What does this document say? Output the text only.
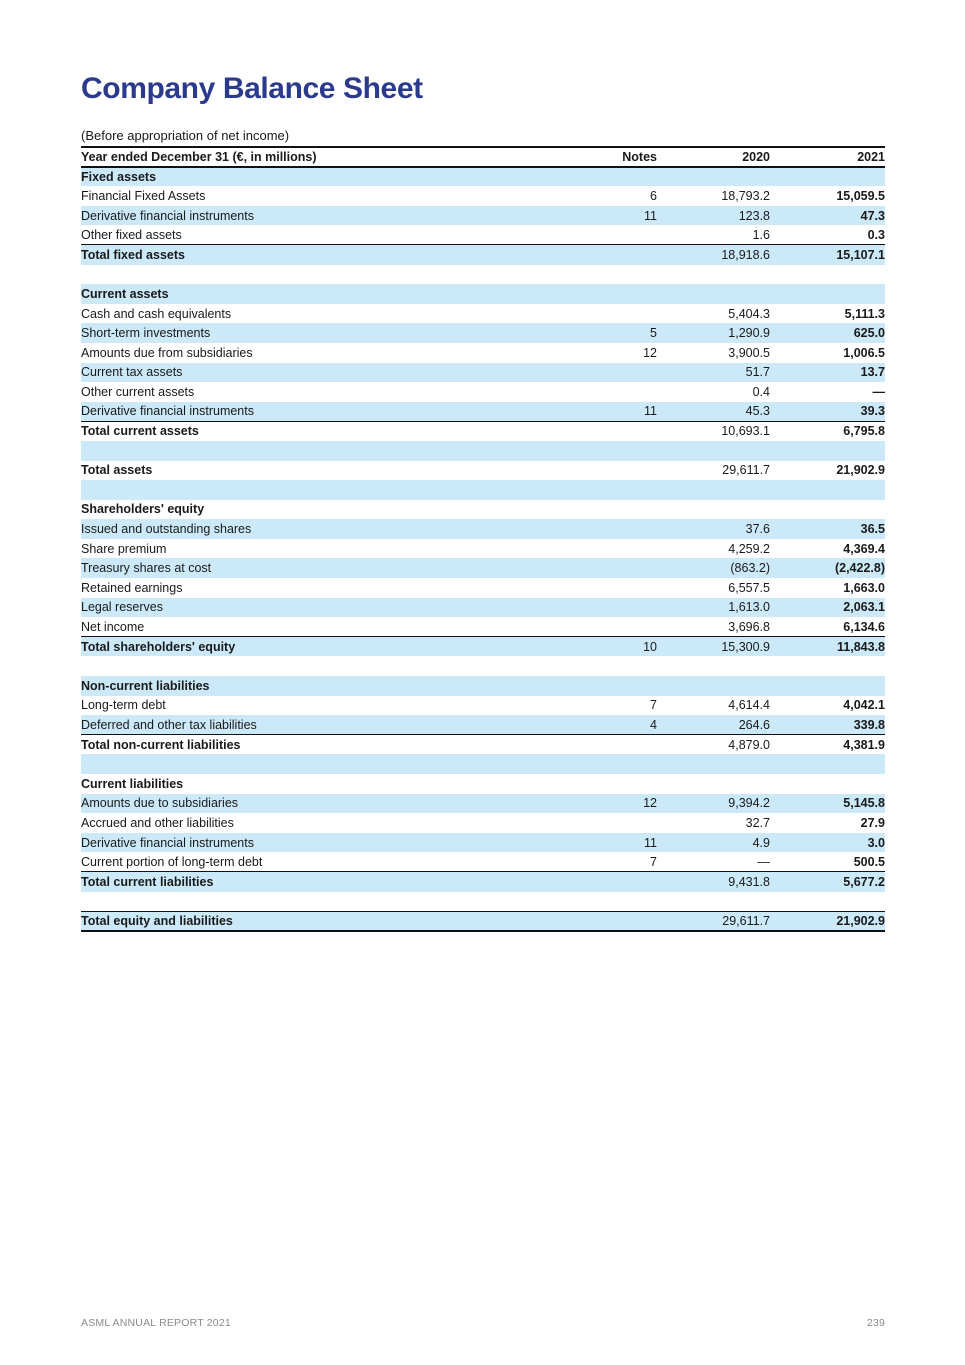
Company Balance Sheet
(Before appropriation of net income)
Year ended December 31 (€, in millions)	Notes	2020	2021
Fixed assets			
Financial Fixed Assets	6	18,793.2	15,059.5
Derivative financial instruments	11	123.8	47.3
Other fixed assets		1.6	0.3
Total fixed assets		18,918.6	15,107.1

Current assets			
Cash and cash equivalents		5,404.3	5,111.3
Short-term investments	5	1,290.9	625.0
Amounts due from subsidiaries	12	3,900.5	1,006.5
Current tax assets		51.7	13.7
Other current assets		0.4	—
Derivative financial instruments	11	45.3	39.3
Total current assets		10,693.1	6,795.8

Total assets		29,611.7	21,902.9

Shareholders' equity			
Issued and outstanding shares		37.6	36.5
Share premium		4,259.2	4,369.4
Treasury shares at cost		(863.2)	(2,422.8)
Retained earnings		6,557.5	1,663.0
Legal reserves		1,613.0	2,063.1
Net income		3,696.8	6,134.6
Total shareholders' equity	10	15,300.9	11,843.8

Non-current liabilities			
Long-term debt	7	4,614.4	4,042.1
Deferred and other tax liabilities	4	264.6	339.8
Total non-current liabilities		4,879.0	4,381.9

Current liabilities			
Amounts due to subsidiaries	12	9,394.2	5,145.8
Accrued and other liabilities		32.7	27.9
Derivative financial instruments	11	4.9	3.0
Current portion of long-term debt	7	—	500.5
Total current liabilities		9,431.8	5,677.2

Total equity and liabilities		29,611.7	21,902.9
ASML ANNUAL REPORT 2021	239
